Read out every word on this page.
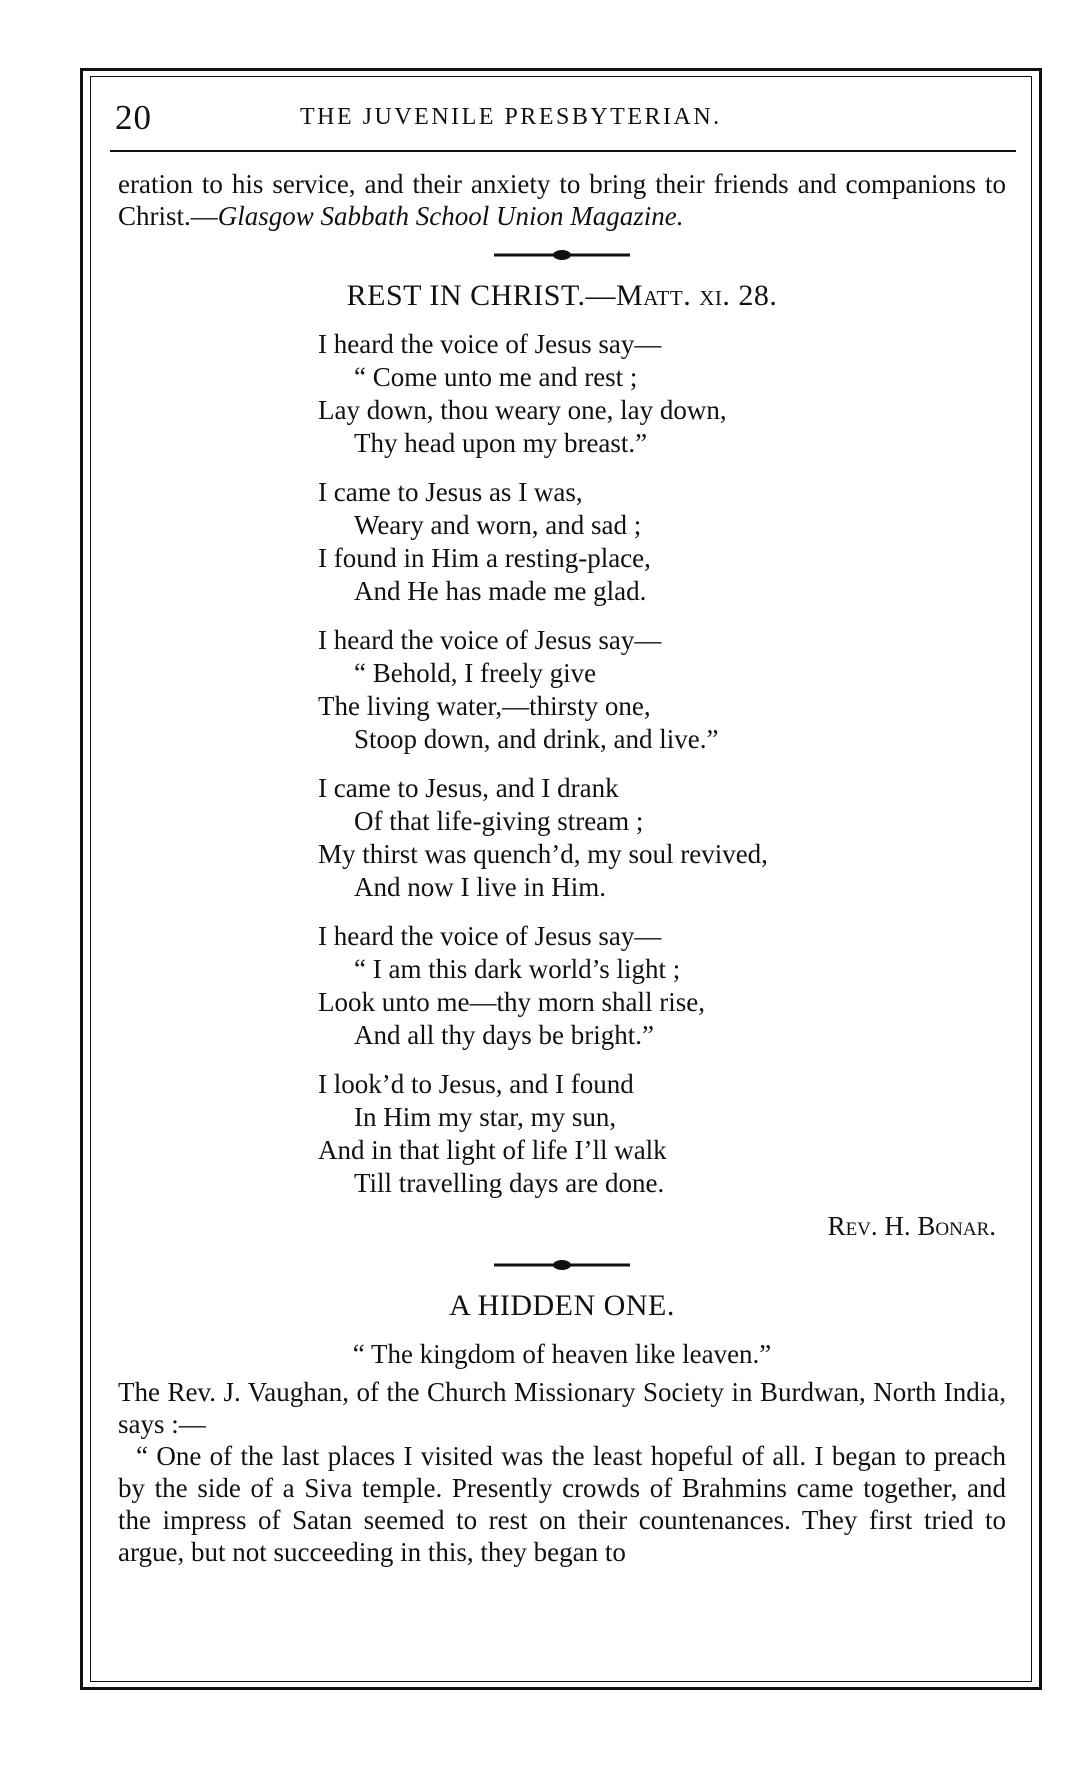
20	THE JUVENILE PRESBYTERIAN.

eration to his service, and their anxiety to bring their friends and companions to Christ.—Glasgow Sabbath School Union Magazine.

REST IN CHRIST.—Matt. xi. 28.
I heard the voice of Jesus say—
“ Come unto me and rest ;
Lay down, thou weary one, lay down,
Thy head upon my breast.”
I came to Jesus as I was,
Weary and worn, and sad ;
I found in Him a resting-place,
And He has made me glad.
I heard the voice of Jesus say—
“ Behold, I freely give
The living water,—thirsty one,
Stoop down, and drink, and live.”
I came to Jesus, and I drank
Of that life-giving stream ;
My thirst was quench’d, my soul revived,
And now I live in Him.
I heard the voice of Jesus say—
“ I am this dark world’s light ;
Look unto me—thy morn shall rise,
And all thy days be bright.”
I look’d to Jesus, and I found
In Him my star, my sun,
And in that light of life I’ll walk
Till travelling days are done.
Rev. H. Bonar.
A HIDDEN ONE.
“ The kingdom of heaven like leaven.”

The Rev. J. Vaughan, of the Church Missionary Society in Burdwan, North India, says :—

“ One of the last places I visited was the least hopeful of all. I began to preach by the side of a Siva temple. Presently crowds of Brahmins came together, and the impress of Satan seemed to rest on their countenances. They first tried to argue, but not succeeding in this, they began to
